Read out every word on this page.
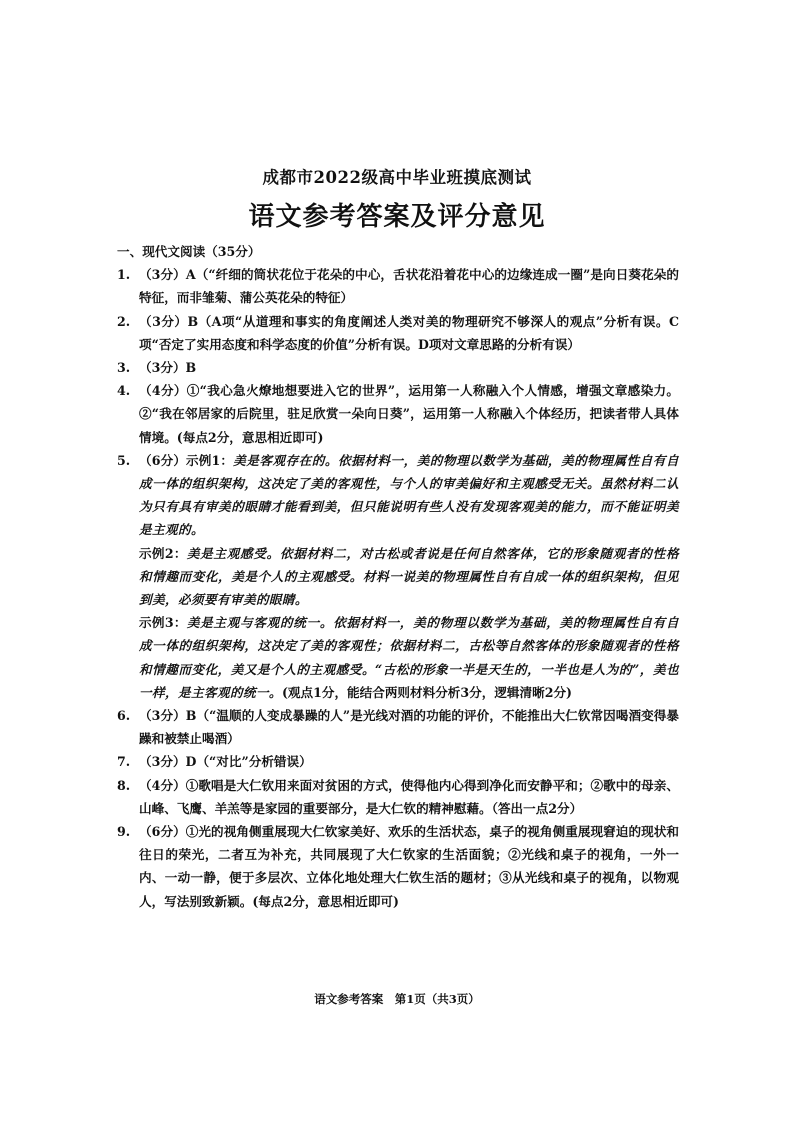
成都市2022级高中毕业班摸底测试
语文参考答案及评分意见

一、现代文阅读（35分）

1. （3分）A（“纤细的筒状花位于花朵的中心，舌状花沿着花中心的边缘连成一圈”是向日葵花朵的特征，而非雏菊、蒲公英花朵的特征）

2. （3分）B（A项“从道理和事实的角度阐述人类对美的物理研究不够深人的观点”分析有误。C项“否定了实用态度和科学态度的价值”分析有误。D项对文章思路的分析有误）

3. （3分）B

4. （4分）①“我心急火燎地想要进入它的世界”，运用第一人称融入个人情感，增强文章感染力。②“我在邻居家的后院里，驻足欣赏一朵向日葵”，运用第一人称融入个体经历，把读者带人具体情境。(每点2分，意思相近即可)

5. （6分）示例1：美是客观存在的。依据材料一，美的物理以数学为基础，美的物理属性自有自成一体的组织架构，这决定了美的客观性，与个人的审美偏好和主观感受无关。虽然材料二认为只有具有审美的眼睛才能看到美，但只能说明有些人没有发现客观美的能力，而不能证明美是主观的。

示例2：美是主观感受。依据材料二，对古松或者说是任何自然客体，它的形象随观者的性格和情趣而变化，美是个人的主观感受。材料一说美的物理属性自有自成一体的组织架构，但见到美，必须要有审美的眼睛。

示例3：美是主观与客观的统一。依据材料一，美的物理以数学为基础，美的物理属性自有自成一体的组织架构，这决定了美的客观性；依据材料二，古松等自然客体的形象随观者的性格和情趣而变化，美又是个人的主观感受。“古松的形象一半是天生的，一半也是人为的”，美也一样，是主客观的统一。(观点1分，能结合两则材料分析3分，逻辑清晰2分)

6. （3分）B（“温顺的人变成暴躁的人”是光线对酒的功能的评价，不能推出大仁钦常因喝酒变得暴躁和被禁止喝酒）

7. （3分）D（“对比”分析错误）

8. （4分）①歌唱是大仁钦用来面对贫困的方式，使得他内心得到净化而安静平和；②歌中的母亲、山峰、飞鹰、羊羔等是家园的重要部分，是大仁钦的精神慰藉。（答出一点2分）

9. （6分）①光的视角侧重展现大仁钦家美好、欢乐的生活状态，桌子的视角侧重展现窘迫的现状和往日的荣光，二者互为补充，共同展现了大仁钦家的生活面貌；②光线和桌子的视角，一外一内、一动一静，便于多层次、立体化地处理大仁钦生活的题材；③从光线和桌子的视角，以物观人，写法别致新颖。(每点2分，意思相近即可)

语文参考答案　第1页（共3页）
